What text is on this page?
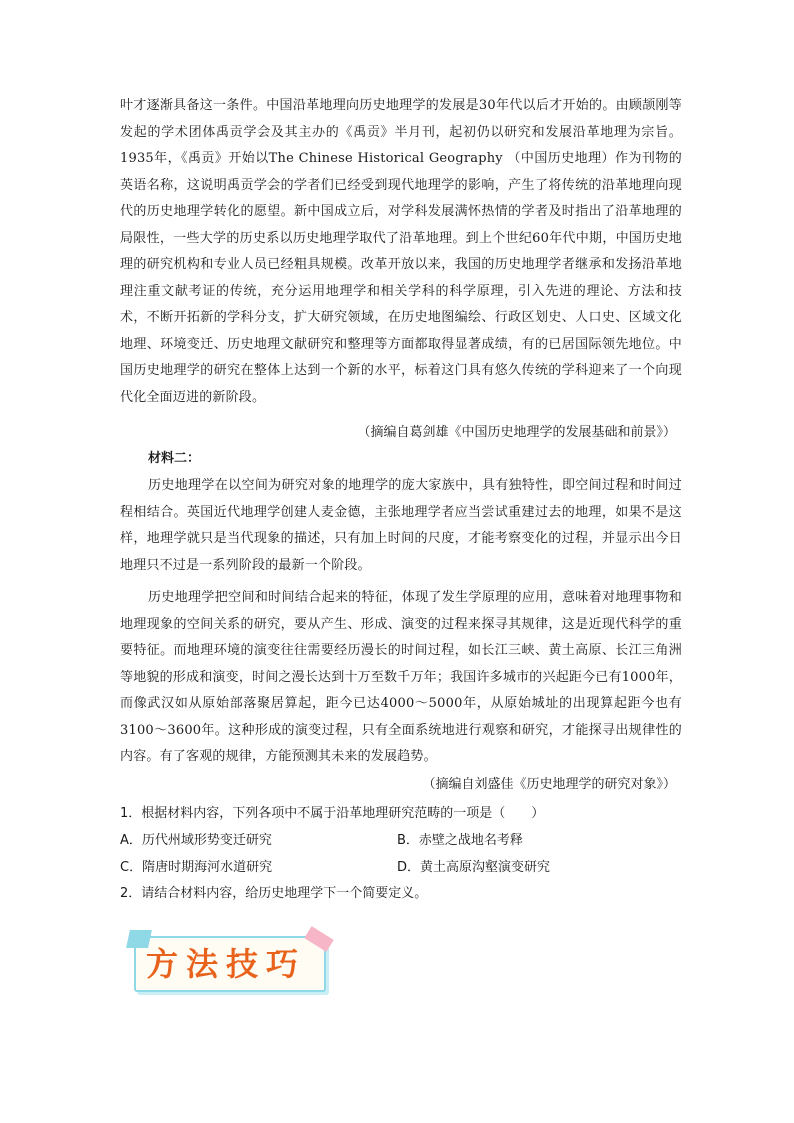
叶才逐渐具备这一条件。中国沿革地理向历史地理学的发展是30年代以后才开始的。由顾颉刚等发起的学术团体禹贡学会及其主办的《禹贡》半月刊，起初仍以研究和发展沿革地理为宗旨。1935年，《禹贡》开始以The Chinese Historical Geography （中国历史地理）作为刊物的英语名称，这说明禹贡学会的学者们已经受到现代地理学的影响，产生了将传统的沿革地理向现代的历史地理学转化的愿望。新中国成立后，对学科发展满怀热情的学者及时指出了沿革地理的局限性，一些大学的历史系以历史地理学取代了沿革地理。到上个世纪60年代中期，中国历史地理的研究机构和专业人员已经粗具规模。改革开放以来，我国的历史地理学者继承和发扬沿革地理注重文献考证的传统，充分运用地理学和相关学科的科学原理，引入先进的理论、方法和技术，不断开拓新的学科分支，扩大研究领域，在历史地图编绘、行政区划史、人口史、区域文化地理、环境变迁、历史地理文献研究和整理等方面都取得显著成绩，有的已居国际领先地位。中国历史地理学的研究在整体上达到一个新的水平，标着这门具有悠久传统的学科迎来了一个向现代化全面迈进的新阶段。
（摘编自葛剑雄《中国历史地理学的发展基础和前景》）
材料二：
历史地理学在以空间为研究对象的地理学的庞大家族中，具有独特性，即空间过程和时间过程相结合。英国近代地理学创建人麦金德，主张地理学者应当尝试重建过去的地理，如果不是这样，地理学就只是当代现象的描述，只有加上时间的尺度，才能考察变化的过程，并显示出今日地理只不过是一系列阶段的最新一个阶段。
历史地理学把空间和时间结合起来的特征，体现了发生学原理的应用，意味着对地理事物和地理现象的空间关系的研究，要从产生、形成、演变的过程来探寻其规律，这是近现代科学的重要特征。而地理环境的演变往往需要经历漫长的时间过程，如长江三峡、黄土高原、长江三角洲等地貌的形成和演变，时间之漫长达到十万至数千万年；我国许多城市的兴起距今已有1000年，而像武汉如从原始部落聚居算起，距今已达4000～5000年，从原始城址的出现算起距今也有3100～3600年。这种形成的演变过程，只有全面系统地进行观察和研究，才能探寻出规律性的内容。有了客观的规律，方能预测其未来的发展趋势。
（摘编自刘盛佳《历史地理学的研究对象》）
1．根据材料内容，下列各项中不属于沿革地理研究范畴的一项是（　　）
A．历代州域形势变迁研究	B．赤壁之战地名考释
C．隋唐时期海河水道研究	D．黄土高原沟壑演变研究
2．请结合材料内容，给历史地理学下一个简要定义。
方法技巧
